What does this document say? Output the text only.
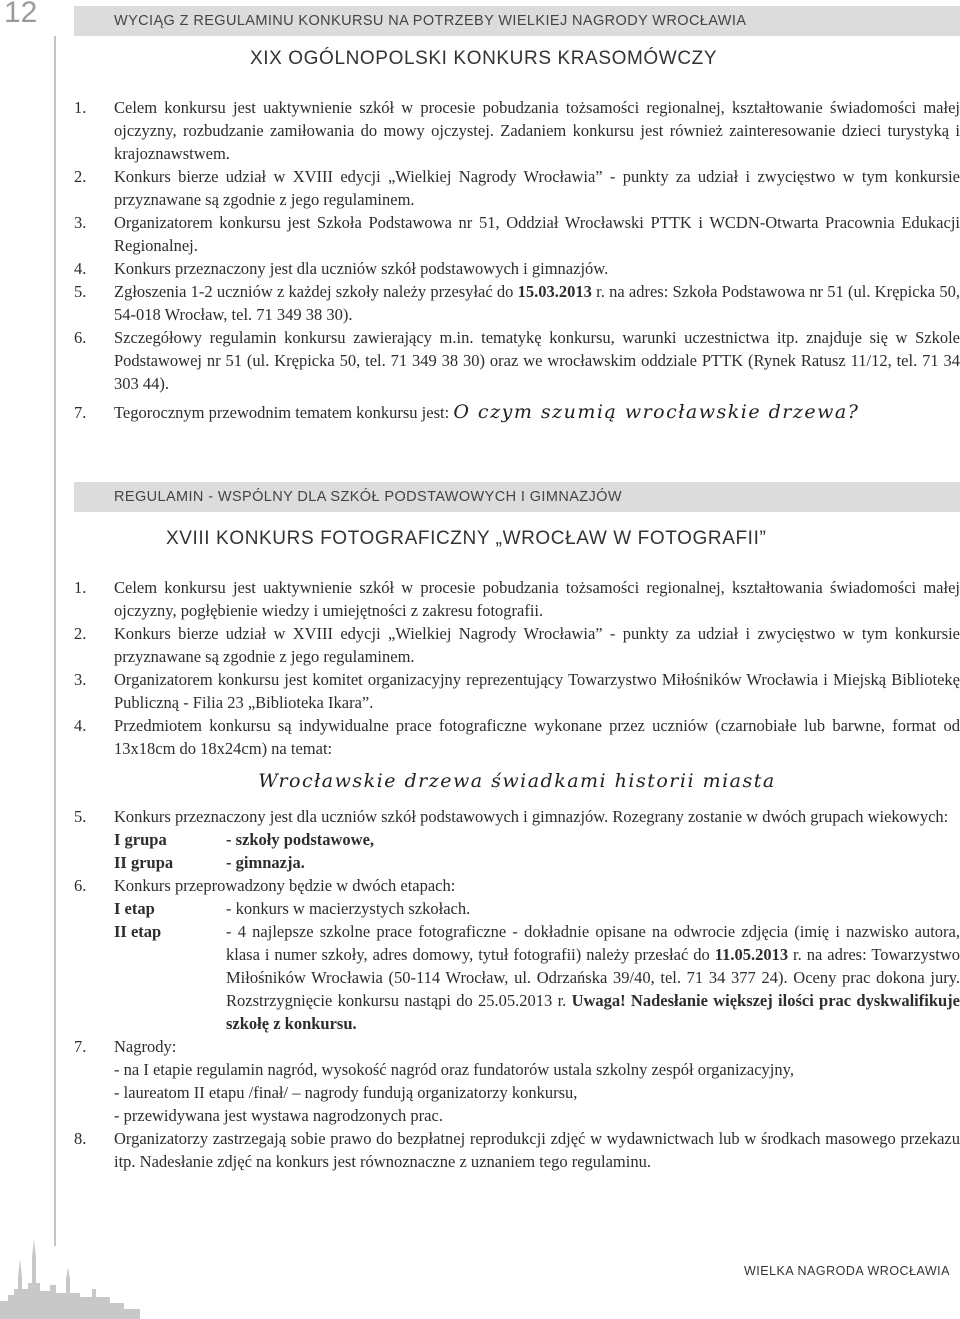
12	WYCIĄG Z REGULAMINU KONKURSU NA POTRZEBY WIELKIEJ NAGRODY WROCŁAWIA
XIX OGÓLNOPOLSKI KONKURS KRASOMÓWCZY
1. Celem konkursu jest uaktywnienie szkół w procesie pobudzania tożsamości regionalnej, kształtowanie świadomości małej ojczyzny, rozbudzanie zamiłowania do mowy ojczystej. Zadaniem konkursu jest również zainteresowanie dzieci turystyką i krajoznawstwem.
2. Konkurs bierze udział w XVIII edycji „Wielkiej Nagrody Wrocławia” - punkty za udział i zwycięstwo w tym konkursie przyznawane są zgodnie z jego regulaminem.
3. Organizatorem konkursu jest Szkoła Podstawowa nr 51, Oddział Wrocławski PTTK i WCDN-Otwarta Pracownia Edukacji Regionalnej.
4. Konkurs przeznaczony jest dla uczniów szkół podstawowych i gimnazjów.
5. Zgłoszenia 1-2 uczniów z każdej szkoły należy przesyłać do 15.03.2013 r. na adres: Szkoła Podstawowa nr 51 (ul. Krępicka 50, 54-018 Wrocław, tel. 71 349 38 30).
6. Szczegółowy regulamin konkursu zawierający m.in. tematykę konkursu, warunki uczestnictwa itp. znajduje się w Szkole Podstawowej nr 51 (ul. Krępicka 50, tel. 71 349 38 30) oraz we wrocławskim oddziale PTTK (Rynek Ratusz 11/12, tel. 71 34 303 44).
7. Tegorocznym przewodnim tematem konkursu jest: O czym szumią wrocławskie drzewa?
REGULAMIN - WSPÓLNY DLA SZKÓŁ PODSTAWOWYCH I GIMNAZJÓW
XVIII KONKURS FOTOGRAFICZNY „WROCŁAW W FOTOGRAFII”
1. Celem konkursu jest uaktywnienie szkół w procesie pobudzania tożsamości regionalnej, kształtowania świadomości małej ojczyzny, pogłębienie wiedzy i umiejętności z zakresu fotografii.
2. Konkurs bierze udział w XVIII edycji „Wielkiej Nagrody Wrocławia” - punkty za udział i zwycięstwo w tym konkursie przyznawane są zgodnie z jego regulaminem.
3. Organizatorem konkursu jest komitet organizacyjny reprezentujący Towarzystwo Miłośników Wrocławia i Miejską Bibliotekę Publiczną - Filia 23 „Biblioteka Ikara”.
4. Przedmiotem konkursu są indywidualne prace fotograficzne wykonane przez uczniów (czarnobiałe lub barwne, format od 13x18cm do 18x24cm) na temat:
Wrocławskie drzewa świadkami historii miasta
5. Konkurs przeznaczony jest dla uczniów szkół podstawowych i gimnazjów. Rozegrany zostanie w dwóch grupach wiekowych:
I grupa	- szkoły podstawowe,
II grupa	- gimnazja.
6. Konkurs przeprowadzony będzie w dwóch etapach:
I etap	- konkurs w macierzystych szkołach.
II etap	- 4 najlepsze szkolne prace fotograficzne - dokładnie opisane na odwrocie zdjęcia (imię i nazwisko autora, klasa i numer szkoły, adres domowy, tytuł fotografii) należy przesłać do 11.05.2013 r. na adres: Towarzystwo Miłośników Wrocławia (50-114 Wrocław, ul. Odrzańska 39/40, tel. 71 34 377 24). Oceny prac dokona jury. Rozstrzygnięcie konkursu nastąpi do 25.05.2013 r. Uwaga! Nadesłanie większej ilości prac dyskwalifikuje szkołę z konkursu.
7. Nagrody:
- na I etapie regulamin nagród, wysokość nagród oraz fundatorów ustala szkolny zespół organizacyjny,
- laureatom II etapu /finał/ – nagrody fundują organizatorzy konkursu,
- przewidywana jest wystawa nagrodzonych prac.
8. Organizatorzy zastrzegają sobie prawo do bezpłatnej reprodukcji zdjęć w wydawnictwach lub w środkach masowego przekazu itp. Nadesłanie zdjęć na konkurs jest równoznaczne z uznaniem tego regulaminu.
WIELKA NAGRODA WROCŁAWIA
